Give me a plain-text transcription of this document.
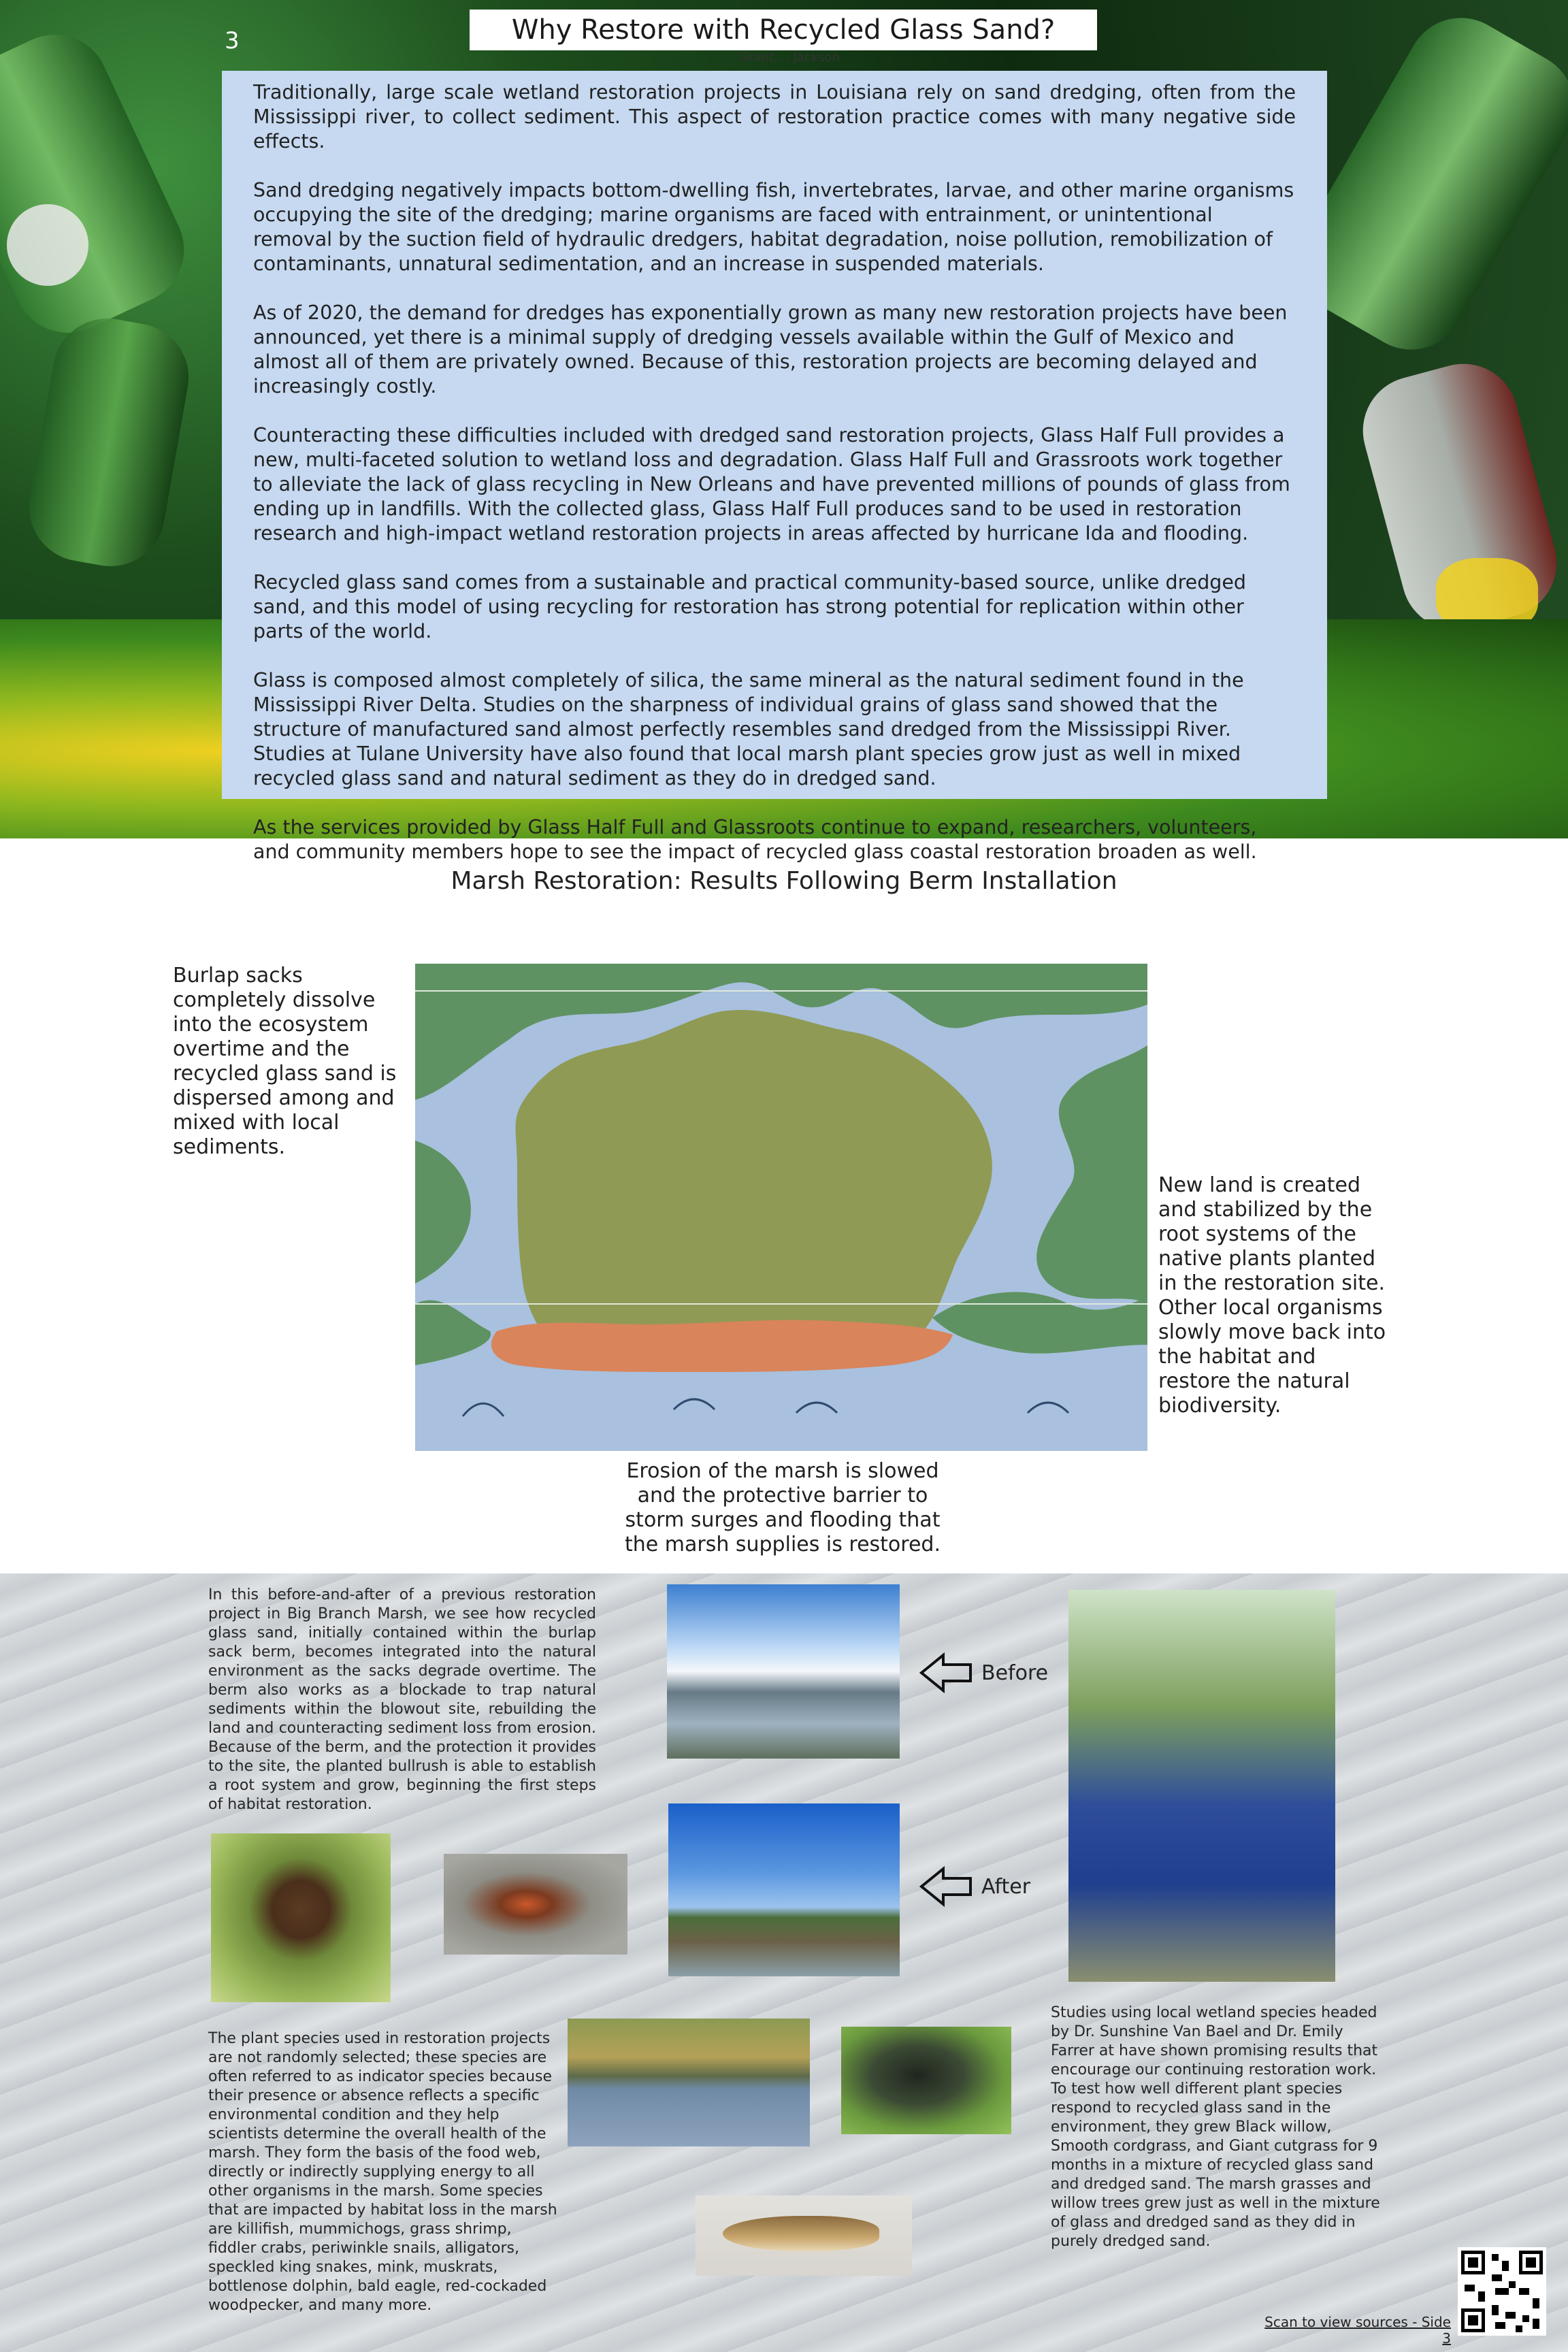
3	Why Restore with Recycled Glass Sand?
Grant..., Jackson

Traditionally, large scale wetland restoration projects in Louisiana rely on sand dredging, often from the Mississippi river, to collect sediment. This aspect of restoration practice comes with many negative side effects.

Sand dredging negatively impacts bottom-dwelling fish, invertebrates, larvae, and other marine organisms occupying the site of the dredging; marine organisms are faced with entrainment, or unintentional removal by the suction field of hydraulic dredgers, habitat degradation, noise pollution, remobilization of contaminants, unnatural sedimentation, and an increase in suspended materials.

As of 2020, the demand for dredges has exponentially grown as many new restoration projects have been announced, yet there is a minimal supply of dredging vessels available within the Gulf of Mexico and almost all of them are privately owned. Because of this, restoration projects are becoming delayed and increasingly costly.

Counteracting these difficulties included with dredged sand restoration projects, Glass Half Full provides a new, multi-faceted solution to wetland loss and degradation. Glass Half Full and Grassroots work together to alleviate the lack of glass recycling in New Orleans and have prevented millions of pounds of glass from ending up in landfills. With the collected glass, Glass Half Full produces sand to be used in restoration research and high-impact wetland restoration projects in areas affected by hurricane Ida and flooding.

Recycled glass sand comes from a sustainable and practical community-based source, unlike dredged sand, and this model of using recycling for restoration has strong potential for replication within other parts of the world.

Glass is composed almost completely of silica, the same mineral as the natural sediment found in the Mississippi River Delta. Studies on the sharpness of individual grains of glass sand showed that the structure of manufactured sand almost perfectly resembles sand dredged from the Mississippi River. Studies at Tulane University have also found that local marsh plant species grow just as well in mixed recycled glass sand and natural sediment as they do in dredged sand.

As the services provided by Glass Half Full and Glassroots continue to expand, researchers, volunteers, and community members hope to see the impact of recycled glass coastal restoration broaden as well.

Marsh Restoration: Results Following Berm Installation
Burlap sacks completely dissolve into the ecosystem overtime and the recycled glass sand is dispersed among and mixed with local sediments.
New land is created and stabilized by the root systems of the native plants planted in the restoration site. Other local organisms slowly move back into the habitat and restore the natural biodiversity.
Erosion of the marsh is slowed and the protective barrier to storm surges and flooding that the marsh supplies is restored.
In this before-and-after of a previous restoration project in Big Branch Marsh, we see how recycled glass sand, initially contained within the burlap sack berm, becomes integrated into the natural environment as the sacks degrade overtime. The berm also works as a blockade to trap natural sediments within the blowout site, rebuilding the land and counteracting sediment loss from erosion. Because of the berm, and the protection it provides to the site, the planted bullrush is able to establish a root system and grow, beginning the first steps of habitat restoration.
Before
After
The plant species used in restoration projects are not randomly selected; these species are often referred to as indicator species because their presence or absence reflects a specific environmental condition and they help scientists determine the overall health of the marsh. They form the basis of the food web, directly or indirectly supplying energy to all other organisms in the marsh. Some species that are impacted by habitat loss in the marsh are killifish, mummichogs, grass shrimp, fiddler crabs, periwinkle snails, alligators, speckled king snakes, mink, muskrats, bottlenose dolphin, bald eagle, red-cockaded woodpecker, and many more.
Studies using local wetland species headed by Dr. Sunshine Van Bael and Dr. Emily Farrer at have shown promising results that encourage our continuing restoration work. To test how well different plant species respond to recycled glass sand in the environment, they grew Black willow, Smooth cordgrass, and Giant cutgrass for 9 months in a mixture of recycled glass sand and dredged sand. The marsh grasses and willow trees grew just as well in the mixture of glass and dredged sand as they did in purely dredged sand.
Scan to view sources - Side 3
